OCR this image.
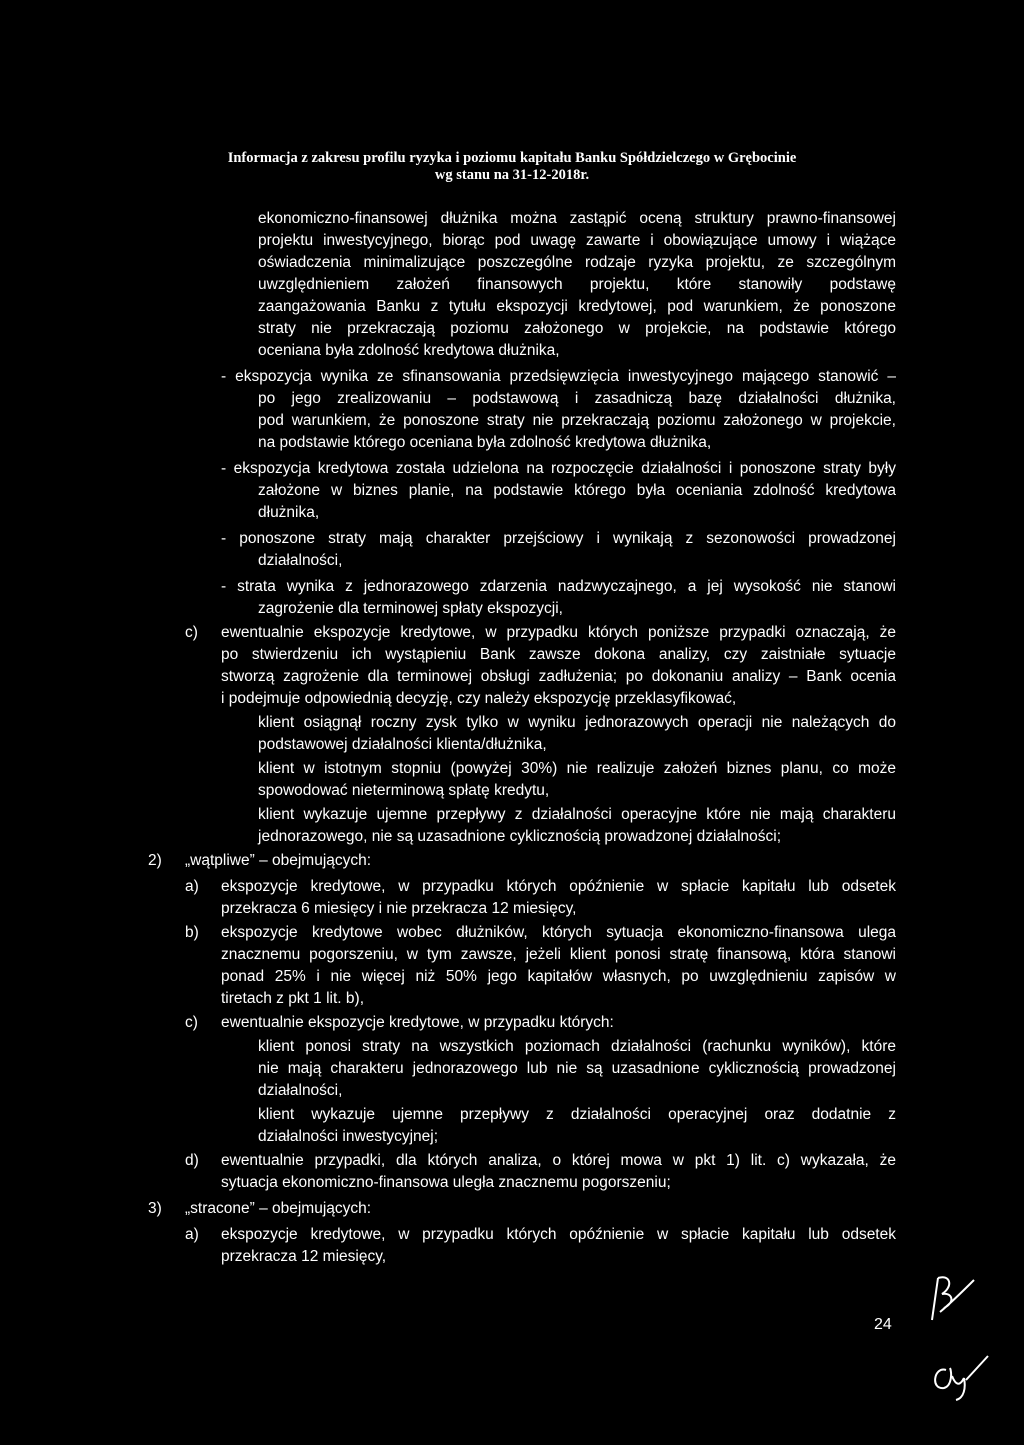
Informacja z zakresu profilu ryzyka i poziomu kapitału Banku Spółdzielczego w Grębocinie
wg stanu na 31-12-2018r.
ekonomiczno-finansowej dłużnika można zastąpić oceną struktury prawno-finansowej
projektu inwestycyjnego, biorąc pod uwagę zawarte i obowiązujące umowy i wiążące
oświadczenia minimalizujące poszczególne rodzaje ryzyka projektu, ze szczególnym
uwzględnieniem założeń finansowych projektu, które stanowiły podstawę
zaangażowania Banku z tytułu ekspozycji kredytowej, pod warunkiem, że ponoszone
straty nie przekraczają poziomu założonego w projekcie, na podstawie którego
oceniana była zdolność kredytowa dłużnika,
- ekspozycja wynika ze sfinansowania przedsięwzięcia inwestycyjnego mającego stanowić –
po jego zrealizowaniu – podstawową i zasadniczą bazę działalności dłużnika,
pod warunkiem, że ponoszone straty nie przekraczają poziomu założonego w projekcie,
na podstawie którego oceniana była zdolność kredytowa dłużnika,
- ekspozycja kredytowa została udzielona na rozpoczęcie działalności i ponoszone straty były
założone w biznes planie, na podstawie którego była oceniania zdolność kredytowa
dłużnika,
- ponoszone straty mają charakter przejściowy i wynikają z sezonowości prowadzonej
działalności,
- strata wynika z jednorazowego zdarzenia nadzwyczajnego, a jej wysokość nie stanowi
zagrożenie dla terminowej spłaty ekspozycji,
c) ewentualnie ekspozycje kredytowe, w przypadku których poniższe przypadki oznaczają, że
po stwierdzeniu ich wystąpieniu Bank zawsze dokona analizy, czy zaistniałe sytuacje
stworzą zagrożenie dla terminowej obsługi zadłużenia; po dokonaniu analizy – Bank ocenia
i podejmuje odpowiednią decyzję, czy należy ekspozycję przeklasyfikować,
klient osiągnął roczny zysk tylko w wyniku jednorazowych operacji nie należących do
podstawowej działalności klienta/dłużnika,
klient w istotnym stopniu (powyżej 30%) nie realizuje założeń biznes planu, co może
spowodować nieterminową spłatę kredytu,
klient wykazuje ujemne przepływy z działalności operacyjne które nie mają charakteru
jednorazowego, nie są uzasadnione cyklicznością prowadzonej działalności;
2) „wątpliwe” – obejmujących:
a) ekspozycje kredytowe, w przypadku których opóźnienie w spłacie kapitału lub odsetek
przekracza 6 miesięcy i nie przekracza 12 miesięcy,
b) ekspozycje kredytowe wobec dłużników, których sytuacja ekonomiczno-finansowa ulega
znacznemu pogorszeniu, w tym zawsze, jeżeli klient ponosi stratę finansową, która stanowi
ponad 25% i nie więcej niż 50% jego kapitałów własnych, po uwzględnieniu zapisów w
tiretach z pkt 1 lit. b),
c) ewentualnie ekspozycje kredytowe, w przypadku których:
klient ponosi straty na wszystkich poziomach działalności (rachunku wyników), które
nie mają charakteru jednorazowego lub nie są uzasadnione cyklicznością prowadzonej
działalności,
klient wykazuje ujemne przepływy z działalności operacyjnej oraz dodatnie z
działalności inwestycyjnej;
d) ewentualnie przypadki, dla których analiza, o której mowa w pkt 1) lit. c) wykazała, że
sytuacja ekonomiczno-finansowa uległa znacznemu pogorszeniu;
3) „stracone” – obejmujących:
a) ekspozycje kredytowe, w przypadku których opóźnienie w spłacie kapitału lub odsetek
przekracza 12 miesięcy,
24
